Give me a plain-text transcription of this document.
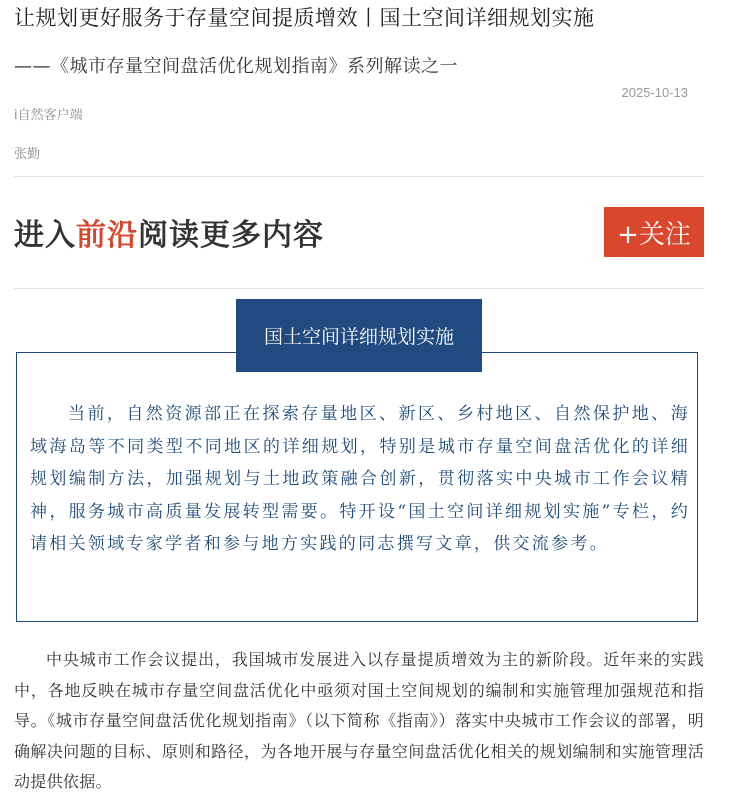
让规划更好服务于存量空间提质增效丨国土空间详细规划实施
——《城市存量空间盘活优化规划指南》系列解读之一
2025-10-13
i自然客户端
张勤
进入前沿阅读更多内容	+关注
国土空间详细规划实施

当前，自然资源部正在探索存量地区、新区、乡村地区、自然保护地、海域海岛等不同类型不同地区的详细规划，特别是城市存量空间盘活优化的详细规划编制方法，加强规划与土地政策融合创新，贯彻落实中央城市工作会议精神，服务城市高质量发展转型需要。特开设“国土空间详细规划实施”专栏，约请相关领域专家学者和参与地方实践的同志撰写文章，供交流参考。

中央城市工作会议提出，我国城市发展进入以存量提质增效为主的新阶段。近年来的实践中，各地反映在城市存量空间盘活优化中亟须对国土空间规划的编制和实施管理加强规范和指导。《城市存量空间盘活优化规划指南》（以下简称《指南》）落实中央城市工作会议的部署，明确解决问题的目标、原则和路径，为各地开展与存量空间盘活优化相关的规划编制和实施管理活动提供依据。
